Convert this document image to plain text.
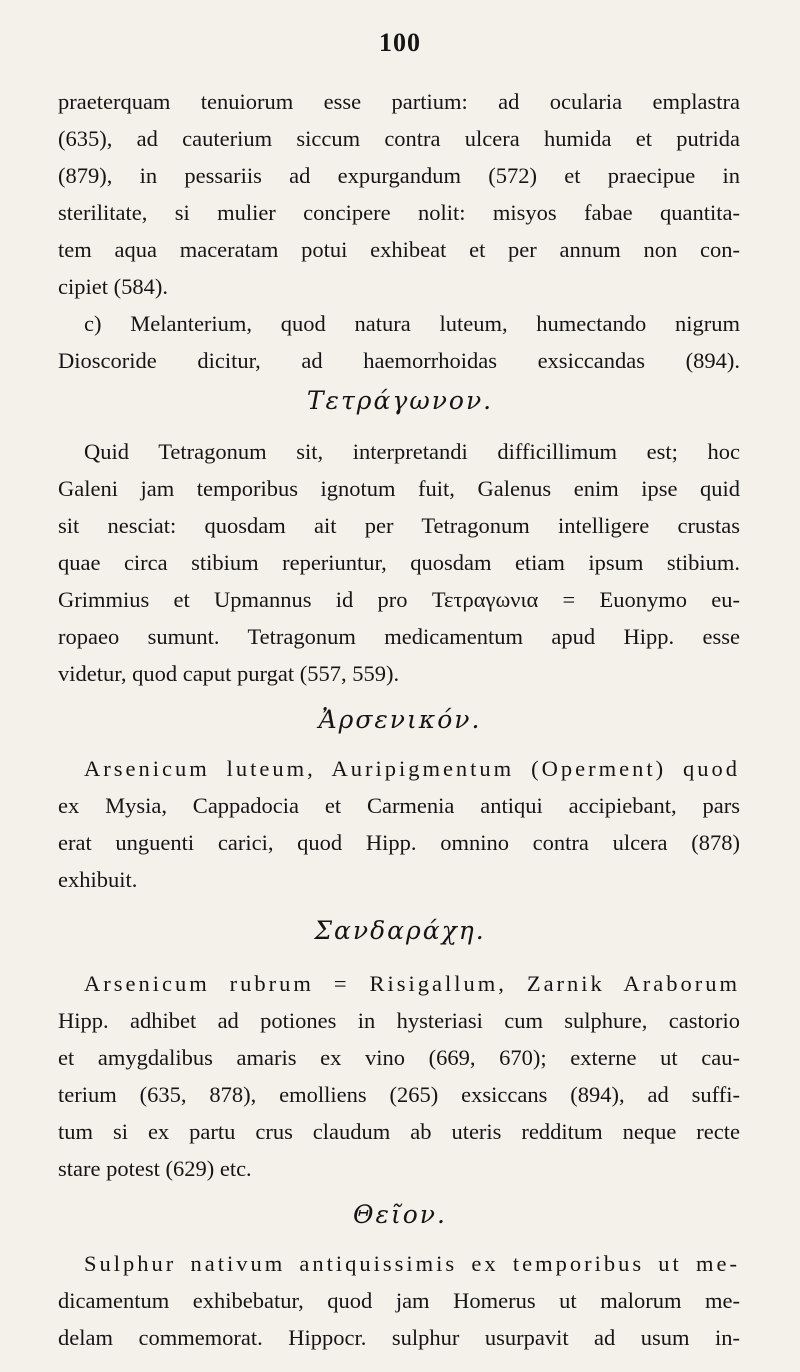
100
praeterquam tenuiorum esse partium: ad ocularia emplastra
(635), ad cauterium siccum contra ulcera humida et putrida
(879), in pessariis ad expurgandum (572) et praecipue in
sterilitate, si mulier concipere nolit: misyos fabae quantita-
tem aqua maceratam potui exhibeat et per annum non con-
cipiet (584).
c) Melanterium, quod natura luteum, humectando nigrum
Dioscoride dicitur, ad haemorrhoidas exsiccandas (894).
Τετράγωνον.
Quid Tetragonum sit, interpretandi difficillimum est; hoc
Galeni jam temporibus ignotum fuit, Galenus enim ipse quid
sit nesciat: quosdam ait per Tetragonum intelligere crustas
quae circa stibium reperiuntur, quosdam etiam ipsum stibium.
Grimmius et Upmannus id pro Τετραγωνια = Euonymo eu-
ropaeo sumunt. Tetragonum medicamentum apud Hipp. esse
videtur, quod caput purgat (557, 559).
Ἀρσενικόν.
Arsenicum luteum, Auripigmentum (Operment) quod
ex Mysia, Cappadocia et Carmenia antiqui accipiebant, pars
erat unguenti carici, quod Hipp. omnino contra ulcera (878)
exhibuit.
Σανδαράχη.
Arsenicum rubrum = Risigallum, Zarnik Araborum
Hipp. adhibet ad potiones in hysteriasi cum sulphure, castorio
et amygdalibus amaris ex vino (669, 670); externe ut cau-
terium (635, 878), emolliens (265) exsiccans (894), ad suffi-
tum si ex partu crus claudum ab uteris redditum neque recte
stare potest (629) etc.
Θεῖον.
Sulphur nativum antiquissimis ex temporibus ut me-
dicamentum exhibebatur, quod jam Homerus ut malorum me-
delam commemorat. Hippocr. sulphur usurpavit ad usum in-
